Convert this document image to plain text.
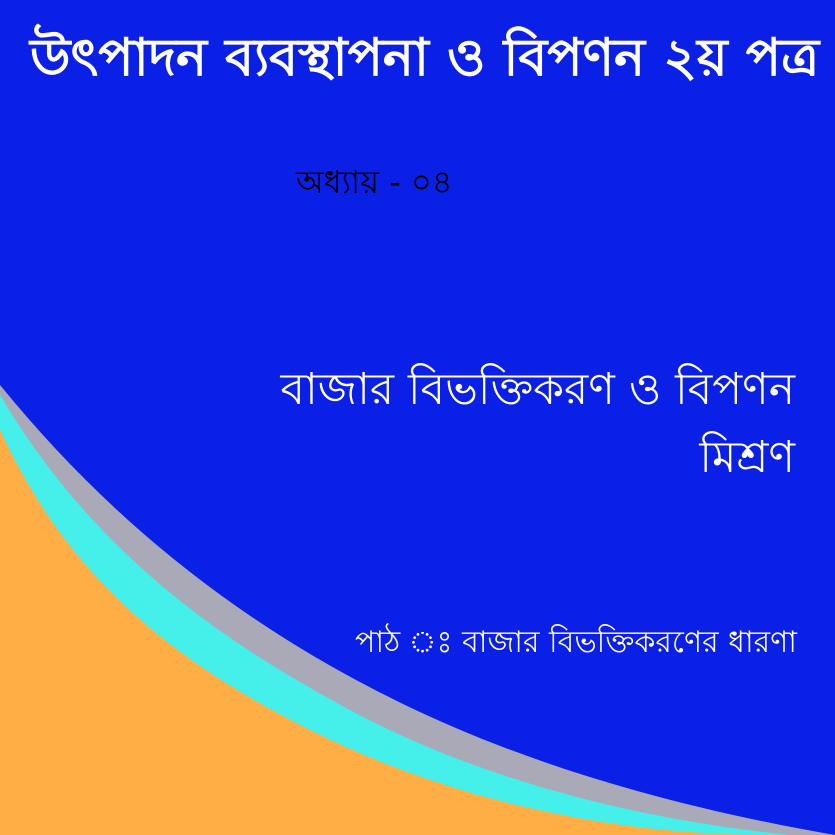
উৎপাদন ব্যবস্থাপনা ও বিপণন ২য় পত্র
অধ্যায় - ০৪
বাজার বিভক্তিকরণ ও বিপণন
মিশ্রণ
পাঠ ঃ বাজার বিভক্তিকরণের ধারণা
